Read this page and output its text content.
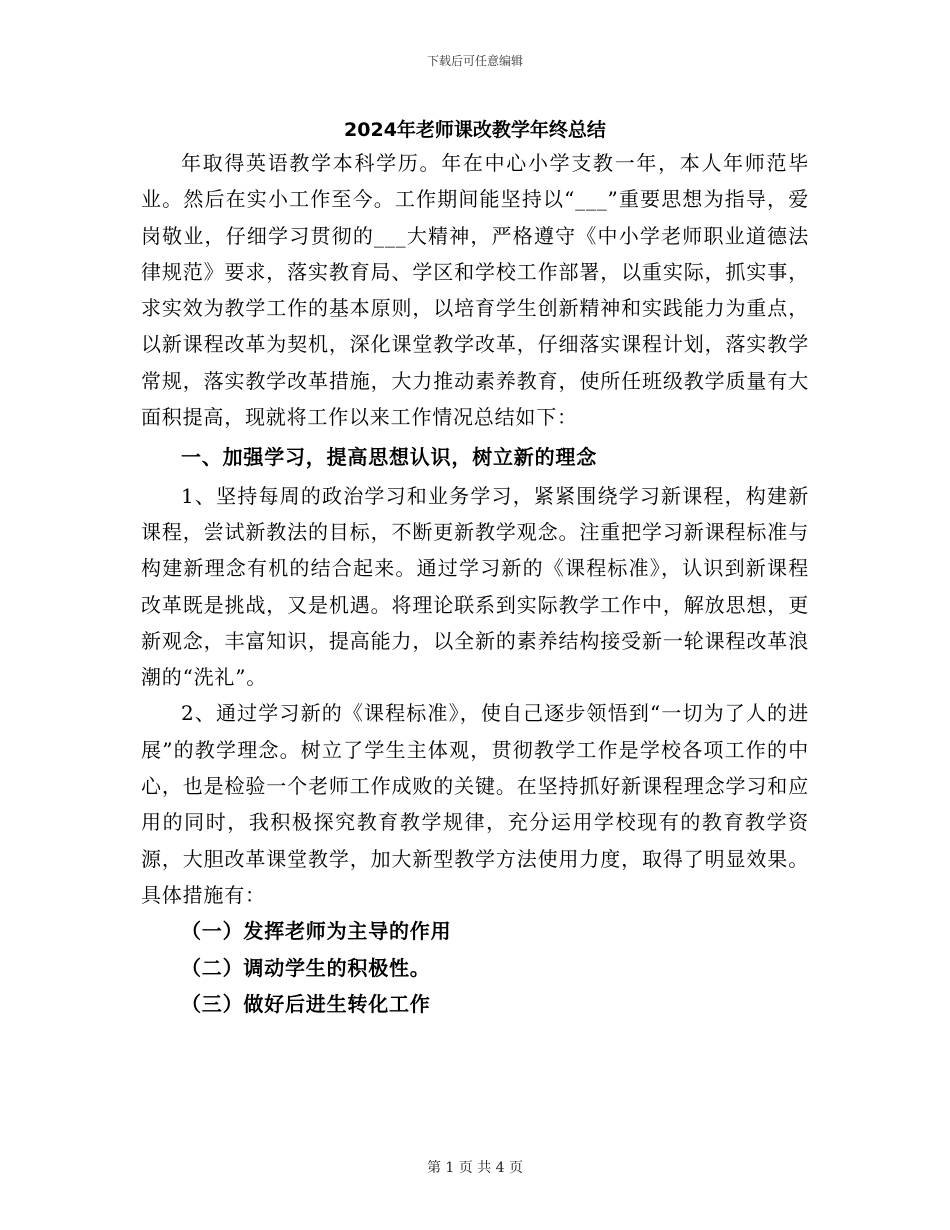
下载后可任意编辑
2024年老师课改教学年终总结

年取得英语教学本科学历。年在中心小学支教一年，本人年师范毕业。然后在实小工作至今。工作期间能坚持以“___”重要思想为指导，爱岗敬业，仔细学习贯彻的___大精神，严格遵守《中小学老师职业道德法律规范》要求，落实教育局、学区和学校工作部署，以重实际，抓实事，求实效为教学工作的基本原则，以培育学生创新精神和实践能力为重点，以新课程改革为契机，深化课堂教学改革，仔细落实课程计划，落实教学常规，落实教学改革措施，大力推动素养教育，使所任班级教学质量有大面积提高，现就将工作以来工作情况总结如下：

一、加强学习，提高思想认识，树立新的理念

1、坚持每周的政治学习和业务学习，紧紧围绕学习新课程，构建新课程，尝试新教法的目标，不断更新教学观念。注重把学习新课程标准与构建新理念有机的结合起来。通过学习新的《课程标准》，认识到新课程改革既是挑战，又是机遇。将理论联系到实际教学工作中，解放思想，更新观念，丰富知识，提高能力，以全新的素养结构接受新一轮课程改革浪潮的“洗礼”。

2、通过学习新的《课程标准》，使自己逐步领悟到“一切为了人的进展”的教学理念。树立了学生主体观，贯彻教学工作是学校各项工作的中心，也是检验一个老师工作成败的关键。在坚持抓好新课程理念学习和应用的同时，我积极探究教育教学规律，充分运用学校现有的教育教学资源，大胆改革课堂教学，加大新型教学方法使用力度，取得了明显效果。具体措施有：

（一）发挥老师为主导的作用

（二）调动学生的积极性。

（三）做好后进生转化工作

第 1 页 共 4 页
